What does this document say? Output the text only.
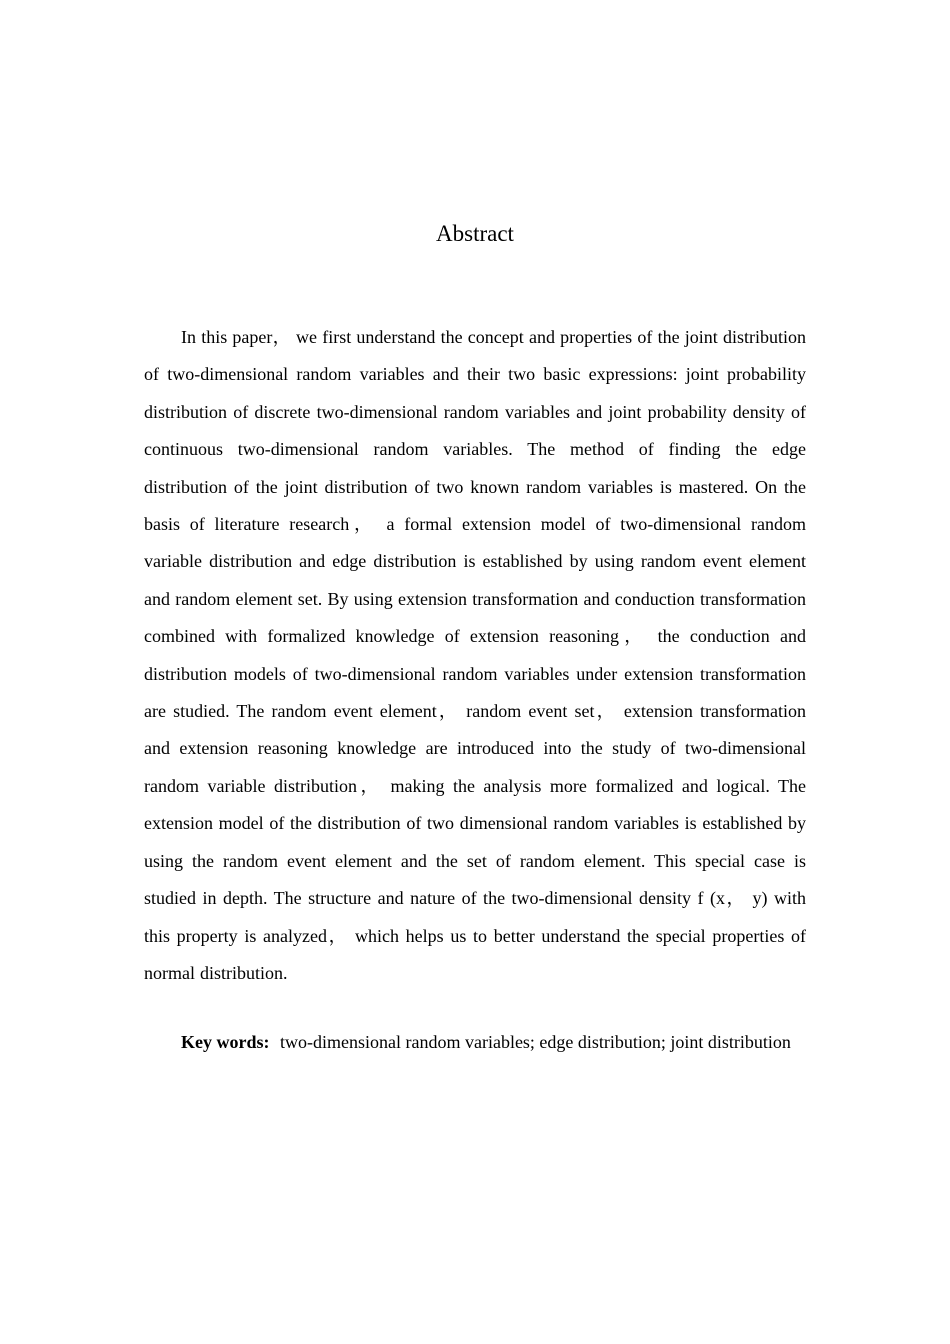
Abstract

In this paper， we first understand the concept and properties of the joint distribution of two-dimensional random variables and their two basic expressions: joint probability distribution of discrete two-dimensional random variables and joint probability density of continuous two-dimensional random variables. The method of finding the edge distribution of the joint distribution of two known random variables is mastered. On the basis of literature research， a formal extension model of two-dimensional random variable distribution and edge distribution is established by using random event element and random element set. By using extension transformation and conduction transformation combined with formalized knowledge of extension reasoning， the conduction and distribution models of two-dimensional random variables under extension transformation are studied. The random event element， random event set， extension transformation and extension reasoning knowledge are introduced into the study of two-dimensional random variable distribution， making the analysis more formalized and logical. The extension model of the distribution of two dimensional random variables is established by using the random event element and the set of random element. This special case is studied in depth. The structure and nature of the two-dimensional density f (x， y) with this property is analyzed， which helps us to better understand the special properties of normal distribution.

Key words: two-dimensional random variables; edge distribution; joint distribution
